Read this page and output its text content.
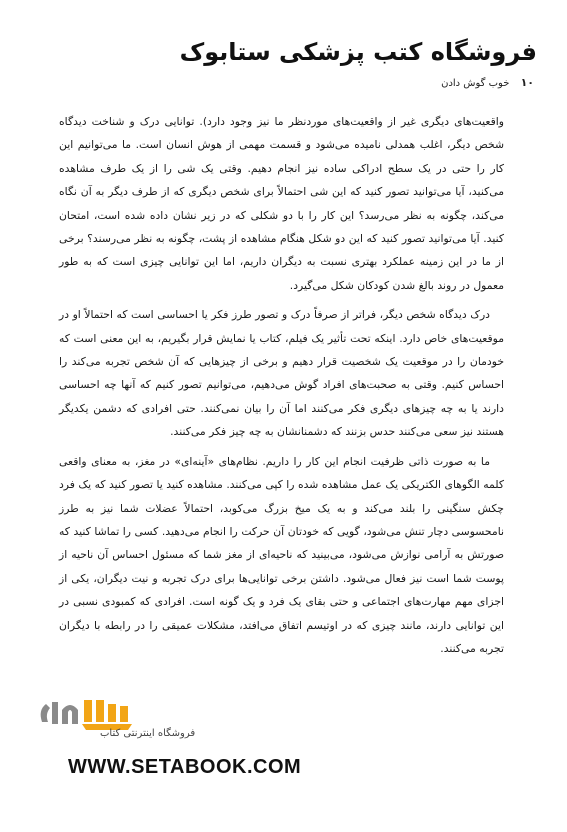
فروشگاه کتب پزشکی ستابوک
۱۰ خوب گوش دادن

واقعیت‌های دیگری غیر از واقعیت‌های موردنظر ما نیز وجود دارد). توانایی درک و شناخت دیدگاه شخص دیگر، اغلب همدلی نامیده می‌شود و قسمت مهمی از هوش انسان است. ما می‌توانیم این کار را حتی در یک سطح ادراکی ساده نیز انجام دهیم. وقتی یک شی را از یک طرف مشاهده می‌کنید، آیا می‌توانید تصور کنید که این شی احتمالاً برای شخص دیگری که از طرف دیگر به آن نگاه می‌کند، چگونه به نظر می‌رسد؟ این کار را با دو شکلی که در زیر نشان داده شده است، امتحان کنید. آیا می‌توانید تصور کنید که این دو شکل هنگام مشاهده از پشت، چگونه به نظر می‌رسند؟ برخی از ما در این زمینه عملکرد بهتری نسبت به دیگران داریم، اما این توانایی چیزی است که به طور معمول در روند بالغ شدن کودکان شکل می‌گیرد.

درک دیدگاه شخص دیگر، فراتر از صرفاً درک و تصور طرز فکر یا احساسی است که احتمالاً او در موقعیت‌های خاص دارد. اینکه تحت تأثیر یک فیلم، کتاب یا نمایش قرار بگیریم، به این معنی است که خودمان را در موقعیت یک شخصیت قرار دهیم و برخی از چیزهایی که آن شخص تجربه می‌کند را احساس کنیم. وقتی به صحبت‌های افراد گوش می‌دهیم، می‌توانیم تصور کنیم که آنها چه احساسی دارند یا به چه چیزهای دیگری فکر می‌کنند اما آن را بیان نمی‌کنند. حتی افرادی که دشمن یکدیگر هستند نیز سعی می‌کنند حدس بزنند که دشمنانشان به چه چیز فکر می‌کنند.

ما به صورت ذاتی ظرفیت انجام این کار را داریم. نظام‌های «آینه‌ای» در مغز، به معنای واقعی کلمه الگوهای الکتریکی یک عمل مشاهده شده را کپی می‌کنند. مشاهده کنید یا تصور کنید که یک فرد چکش سنگینی را بلند می‌کند و به یک میخ بزرگ می‌کوبد، احتمالاً عضلات شما نیز به طرز نامحسوسی دچار تنش می‌شود، گویی که خودتان آن حرکت را انجام می‌دهید. کسی را تماشا کنید که صورتش به آرامی نوازش می‌شود، می‌بینید که ناحیه‌ای از مغز شما که مسئول احساس آن ناحیه از پوست شما است نیز فعال می‌شود. داشتن برخی توانایی‌ها برای درک تجربه و نیت دیگران، یکی از اجزای مهم مهارت‌های اجتماعی و حتی بقای یک فرد و یک گونه است. افرادی که کمبودی نسبی در این توانایی دارند، مانند چیزی که در اوتیسم اتفاق می‌افتد، مشکلات عمیقی را در رابطه با دیگران تجربه می‌کنند.

فروشگاه اینترنتی کتاب
WWW.SETABOOK.COM
